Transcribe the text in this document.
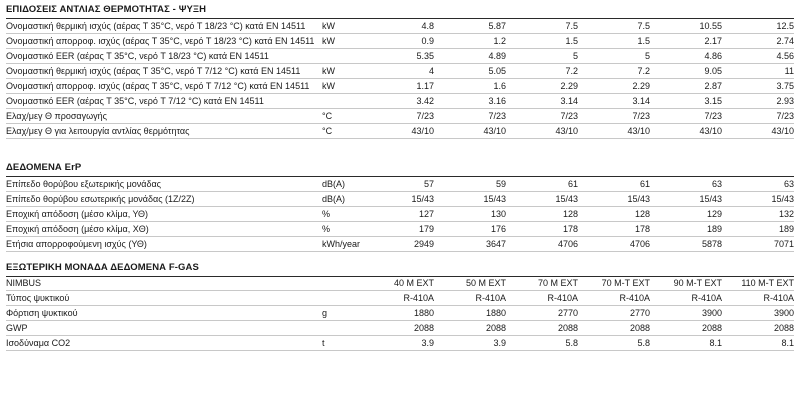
ΕΠΙΔΟΣΕΙΣ ΑΝΤΛΙΑΣ ΘΕΡΜΟΤΗΤΑΣ - ΨΥΞΗ
Ονομαστική θερμική ισχύς (αέρας T 35°C, νερό T 18/23 °C) κατά EN 14511	kW	4.8	5.87	7.5	7.5	10.55	12.5
Ονομαστική απορροφ. ισχύς (αέρας T 35°C, νερό T 18/23 °C) κατά EN 14511	kW	0.9	1.2	1.5	1.5	2.17	2.74
Ονομαστικό EER (αέρας T 35°C, νερό T 18/23 °C) κατά EN 14511		5.35	4.89	5	5	4.86	4.56
Ονομαστική θερμική ισχύς (αέρας T 35°C, νερό T 7/12 °C) κατά EN 14511	kW	4	5.05	7.2	7.2	9.05	11
Ονομαστική απορροφ. ισχύς (αέρας T 35°C, νερό T 7/12 °C) κατά EN 14511	kW	1.17	1.6	2.29	2.29	2.87	3.75
Ονομαστικό EER (αέρας T 35°C, νερό T 7/12 °C) κατά EN 14511		3.42	3.16	3.14	3.14	3.15	2.93
Ελαχ/μεγ Θ προσαγωγής	°C	7/23	7/23	7/23	7/23	7/23	7/23
Ελαχ/μεγ Θ για λειτουργία αντλίας θερμότητας	°C	43/10	43/10	43/10	43/10	43/10	43/10
ΔΕΔΟΜΕΝΑ ErP
Επίπεδο θορύβου εξωτερικής μονάδας	dB(A)	57	59	61	61	63	63
Επίπεδο θορύβου εσωτερικής μονάδας (1Z/2Z)	dB(A)	15/43	15/43	15/43	15/43	15/43	15/43
Εποχική απόδοση (μέσο κλίμα, ΥΘ)	%	127	130	128	128	129	132
Εποχική απόδοση (μέσο κλίμα, ΧΘ)	%	179	176	178	178	189	189
Ετήσια απορροφούμενη ισχύς (ΥΘ)	kWh/year	2949	3647	4706	4706	5878	7071
ΕΞΩΤΕΡΙΚΗ ΜΟΝΑΔΑ ΔΕΔΟΜΕΝΑ F-GAS
NIMBUS		40 M EXT	50 M EXT	70 M EXT	70 M-T EXT	90 M-T EXT	110 M-T EXT
Τύπος ψυκτικού		R-410A	R-410A	R-410A	R-410A	R-410A	R-410A
Φόρτιση ψυκτικού	g	1880	1880	2770	2770	3900	3900
GWP		2088	2088	2088	2088	2088	2088
Ισοδύναμα CO2	t	3.9	3.9	5.8	5.8	8.1	8.1
